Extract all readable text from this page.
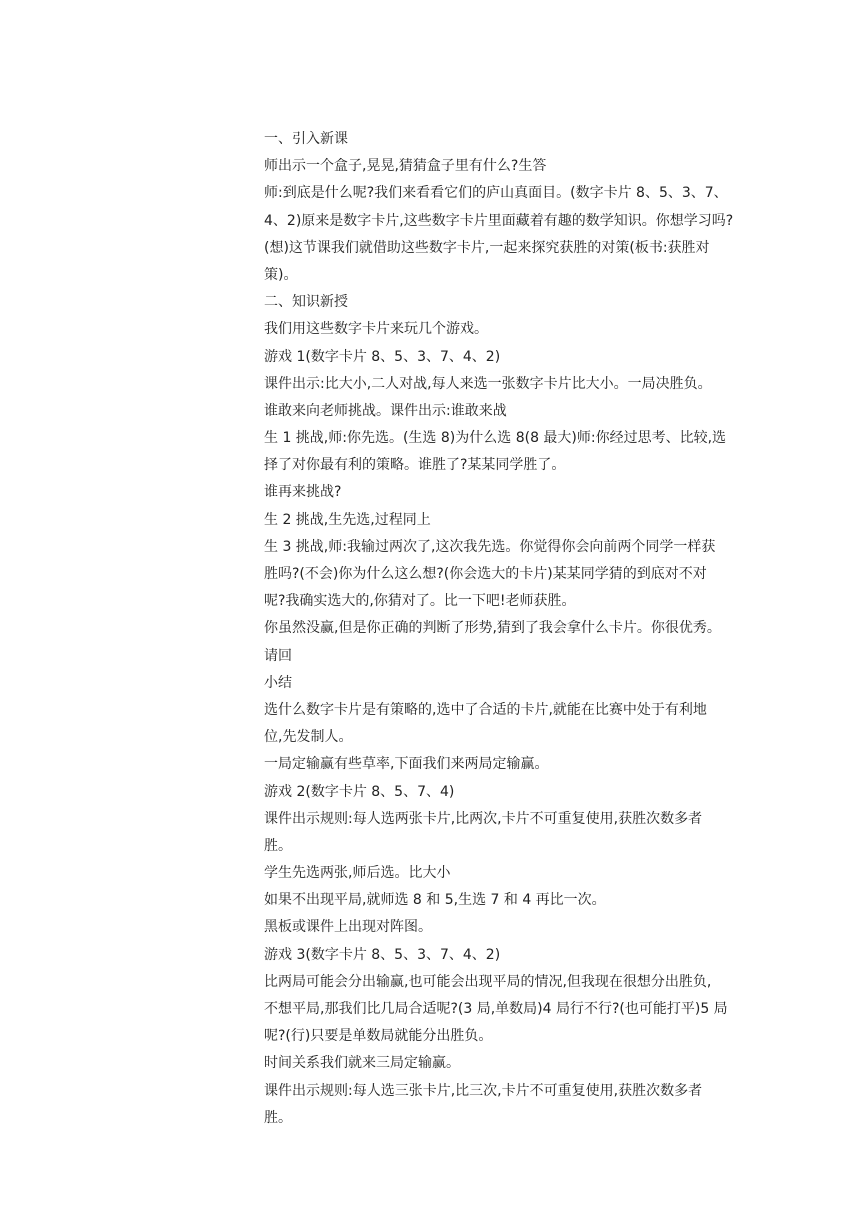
一、引入新课
师出示一个盒子,晃晃,猜猜盒子里有什么?生答
师:到底是什么呢?我们来看看它们的庐山真面目。(数字卡片 8、5、3、7、
4、2)原来是数字卡片,这些数字卡片里面藏着有趣的数学知识。你想学习吗?
(想)这节课我们就借助这些数字卡片,一起来探究获胜的对策(板书:获胜对
策)。
二、知识新授
我们用这些数字卡片来玩几个游戏。
游戏 1(数字卡片 8、5、3、7、4、2)
课件出示:比大小,二人对战,每人来选一张数字卡片比大小。一局决胜负。
谁敢来向老师挑战。课件出示:谁敢来战
生 1 挑战,师:你先选。(生选 8)为什么选 8(8 最大)师:你经过思考、比较,选
择了对你最有利的策略。谁胜了?某某同学胜了。
谁再来挑战?
生 2 挑战,生先选,过程同上
生 3 挑战,师:我输过两次了,这次我先选。你觉得你会向前两个同学一样获
胜吗?(不会)你为什么这么想?(你会选大的卡片)某某同学猜的到底对不对
呢?我确实选大的,你猜对了。比一下吧!老师获胜。
你虽然没赢,但是你正确的判断了形势,猜到了我会拿什么卡片。你很优秀。
请回
小结
选什么数字卡片是有策略的,选中了合适的卡片,就能在比赛中处于有利地
位,先发制人。
一局定输赢有些草率,下面我们来两局定输赢。
游戏 2(数字卡片 8、5、7、4)
课件出示规则:每人选两张卡片,比两次,卡片不可重复使用,获胜次数多者
胜。
学生先选两张,师后选。比大小
如果不出现平局,就师选 8 和 5,生选 7 和 4 再比一次。
黑板或课件上出现对阵图。
游戏 3(数字卡片 8、5、3、7、4、2)
比两局可能会分出输赢,也可能会出现平局的情况,但我现在很想分出胜负,
不想平局,那我们比几局合适呢?(3 局,单数局)4 局行不行?(也可能打平)5 局
呢?(行)只要是单数局就能分出胜负。
时间关系我们就来三局定输赢。
课件出示规则:每人选三张卡片,比三次,卡片不可重复使用,获胜次数多者
胜。
